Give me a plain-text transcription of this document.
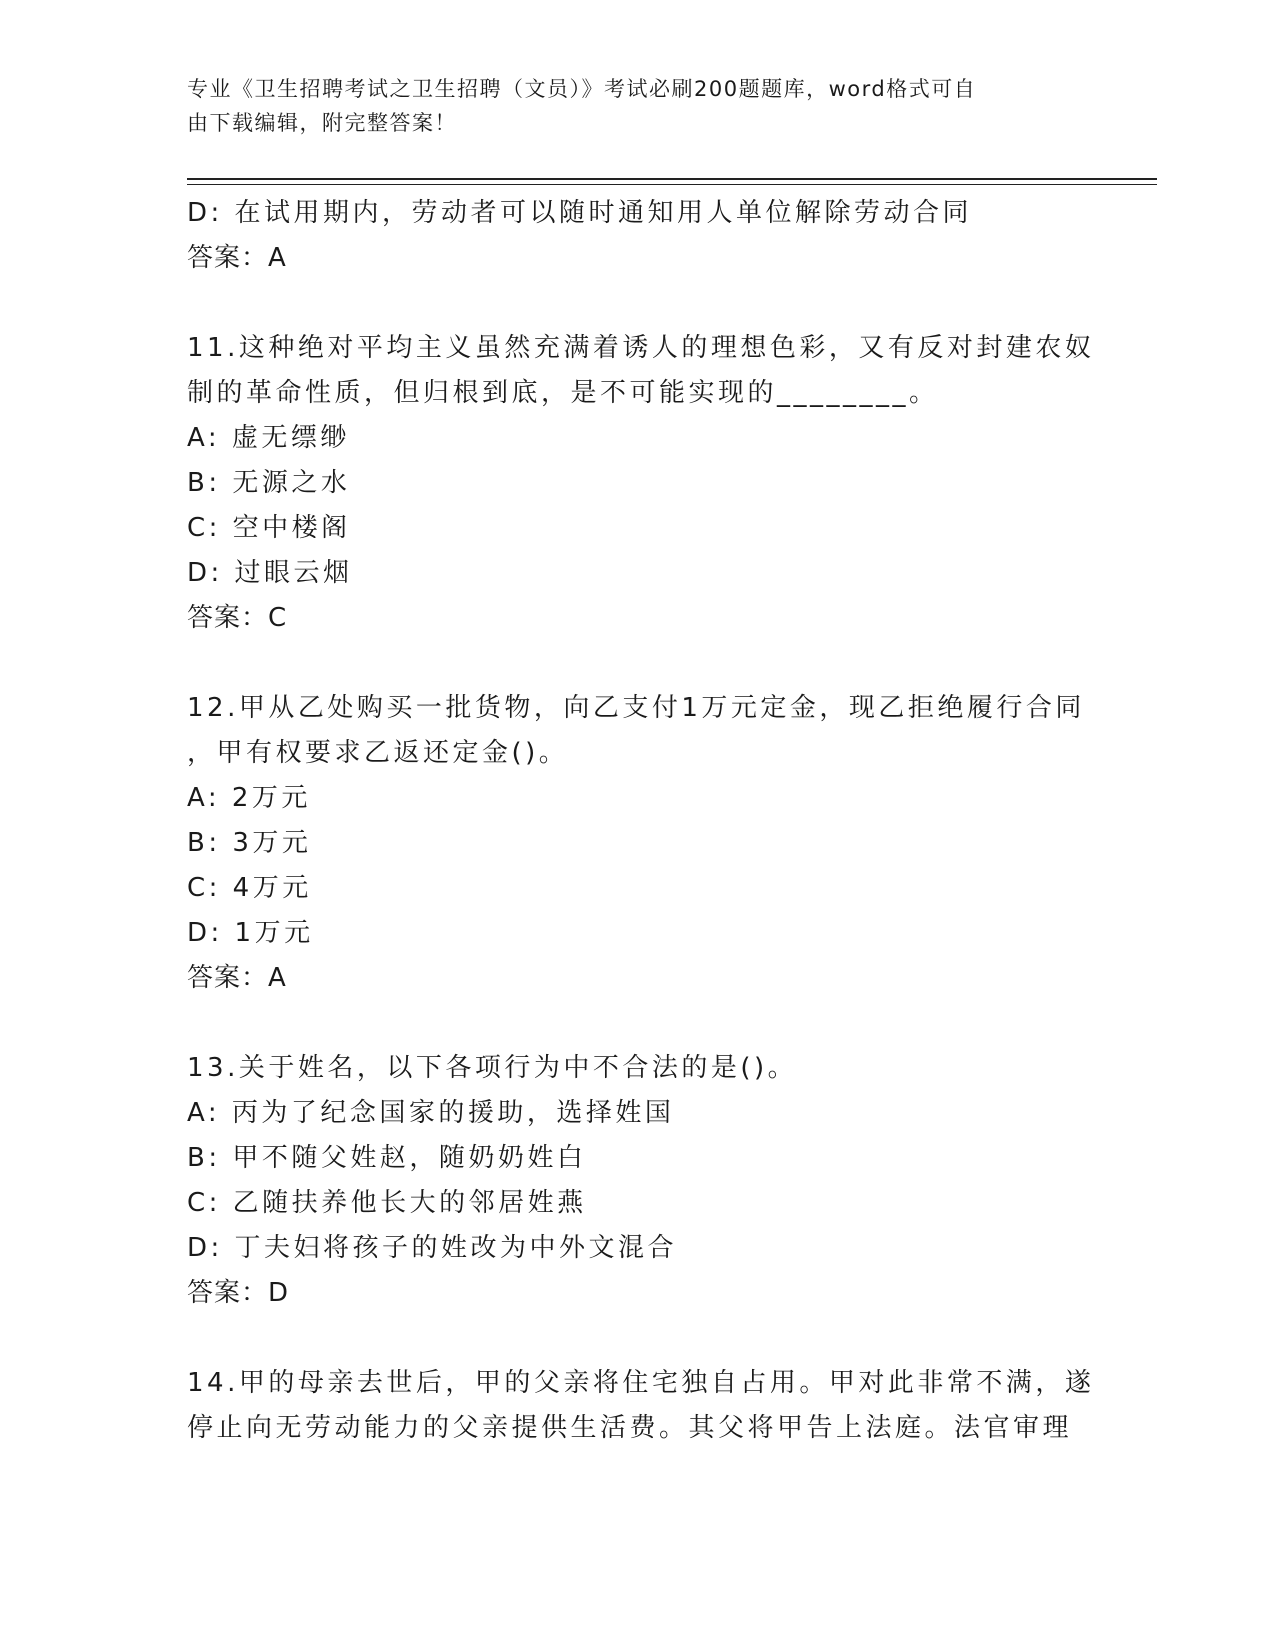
专业《卫生招聘考试之卫生招聘（文员）》考试必刷200题题库，word格式可自
由下载编辑，附完整答案！
D: 在试用期内，劳动者可以随时通知用人单位解除劳动合同
答案：A
11.这种绝对平均主义虽然充满着诱人的理想色彩，又有反对封建农奴
制的革命性质，但归根到底，是不可能实现的________。
A: 虚无缥缈
B: 无源之水
C: 空中楼阁
D: 过眼云烟
答案：C
12.甲从乙处购买一批货物，向乙支付1万元定金，现乙拒绝履行合同
，甲有权要求乙返还定金()。
A: 2万元
B: 3万元
C: 4万元
D: 1万元
答案：A
13.关于姓名，以下各项行为中不合法的是()。
A: 丙为了纪念国家的援助，选择姓国
B: 甲不随父姓赵，随奶奶姓白
C: 乙随扶养他长大的邻居姓燕
D: 丁夫妇将孩子的姓改为中外文混合
答案：D
14.甲的母亲去世后，甲的父亲将住宅独自占用。甲对此非常不满，遂
停止向无劳动能力的父亲提供生活费。其父将甲告上法庭。法官审理
